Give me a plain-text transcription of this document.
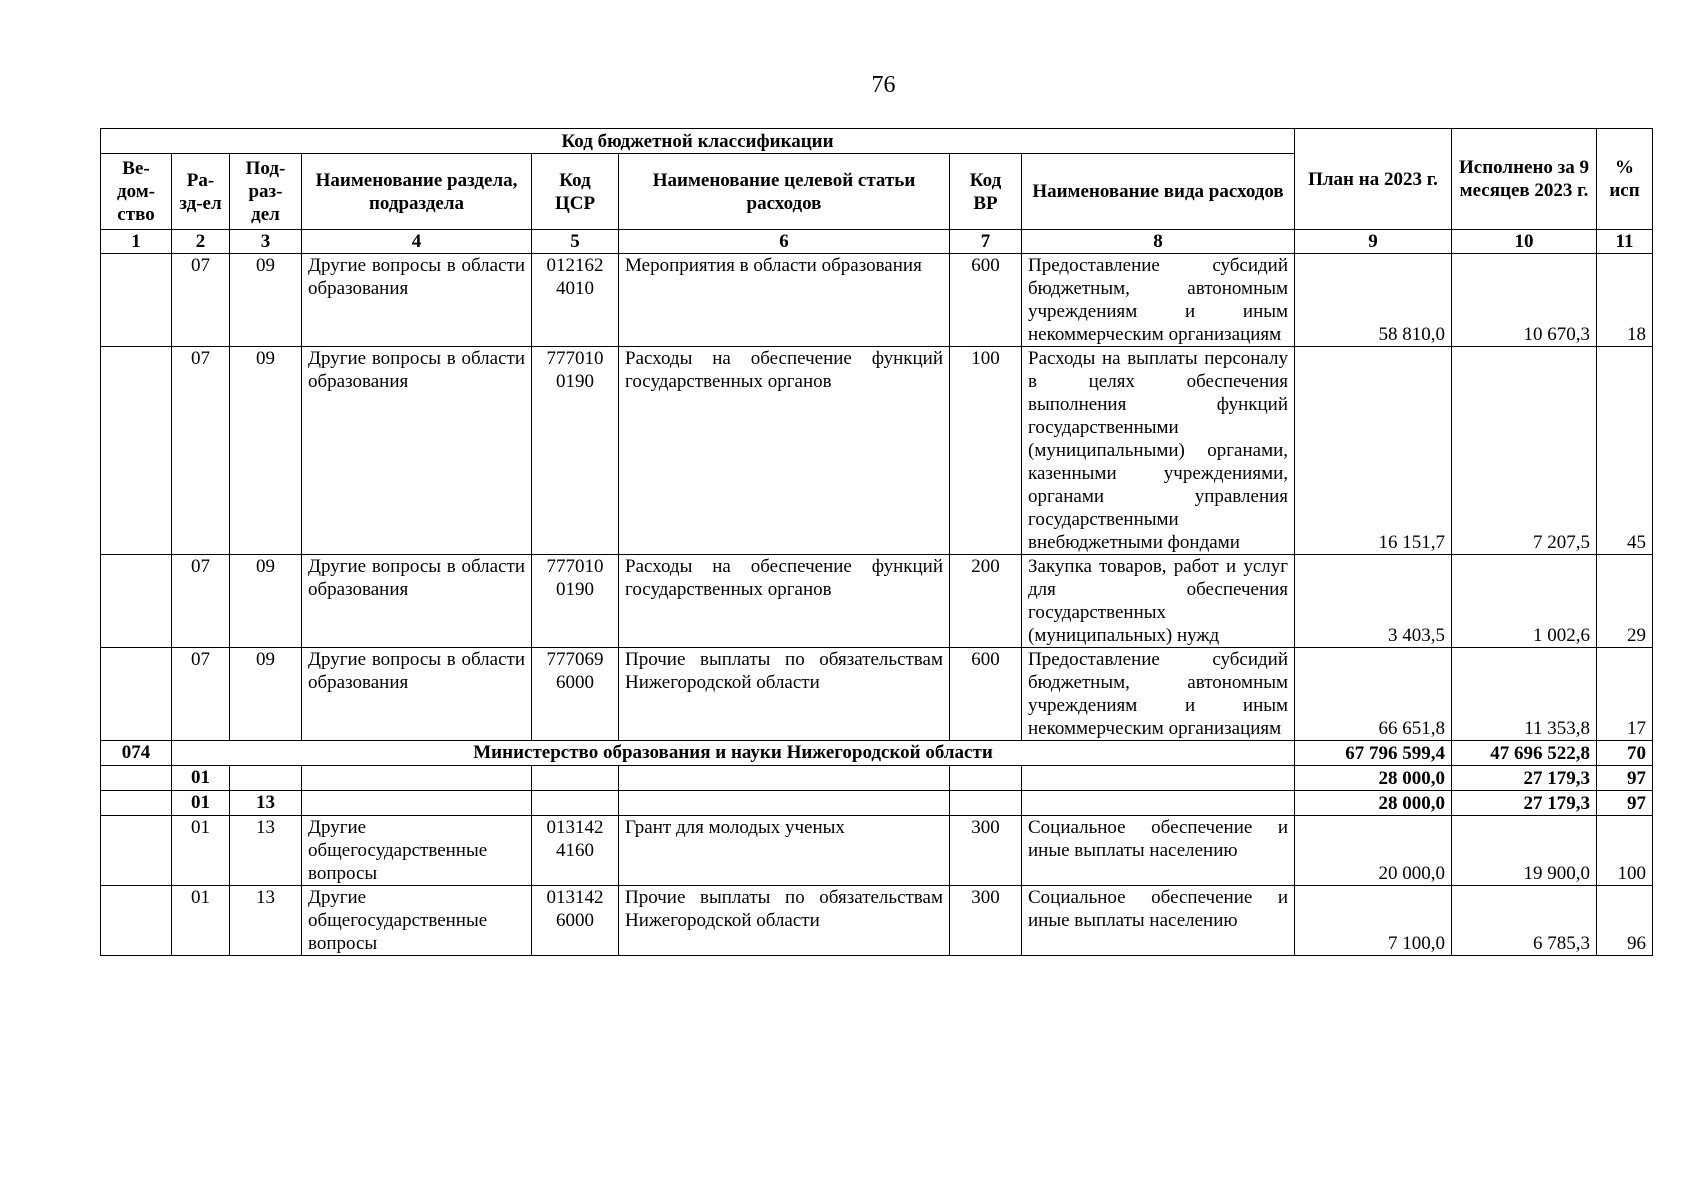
76
Код бюджетной классификации								План на 2023 г.	Исполнено за 9 месяцев 2023 г.	% исп
Ве-дом-ство	Ра-зд-ел	Под-раз-дел	Наименование раздела, подраздела	Код ЦСР	Наименование целевой статьи расходов	Код ВР	Наименование вида расходов			
1	2	3	4	5	6	7	8	9	10	11
	07	09	Другие вопросы в области образования	012162 4010	Мероприятия в области образования	600	Предоставление субсидий бюджетным, автономным учреждениям и иным некоммерческим организациям	58 810,0	10 670,3	18
	07	09	Другие вопросы в области образования	777010 0190	Расходы на обеспечение функций государственных органов	100	Расходы на выплаты персоналу в целях обеспечения выполнения функций государственными (муниципальными) органами, казенными учреждениями, органами управления государственными внебюджетными фондами	16 151,7	7 207,5	45
	07	09	Другие вопросы в области образования	777010 0190	Расходы на обеспечение функций государственных органов	200	Закупка товаров, работ и услуг для обеспечения государственных (муниципальных) нужд	3 403,5	1 002,6	29
	07	09	Другие вопросы в области образования	777069 6000	Прочие выплаты по обязательствам Нижегородской области	600	Предоставление субсидий бюджетным, автономным учреждениям и иным некоммерческим организациям	66 651,8	11 353,8	17
074	Министерство образования и науки Нижегородской области							67 796 599,4	47 696 522,8	70
	01							28 000,0	27 179,3	97
	01	13						28 000,0	27 179,3	97
	01	13	Другие общегосударственные вопросы	013142 4160	Грант для молодых ученых	300	Социальное обеспечение и иные выплаты населению	20 000,0	19 900,0	100
	01	13	Другие общегосударственные вопросы	013142 6000	Прочие выплаты по обязательствам Нижегородской области	300	Социальное обеспечение и иные выплаты населению	7 100,0	6 785,3	96
